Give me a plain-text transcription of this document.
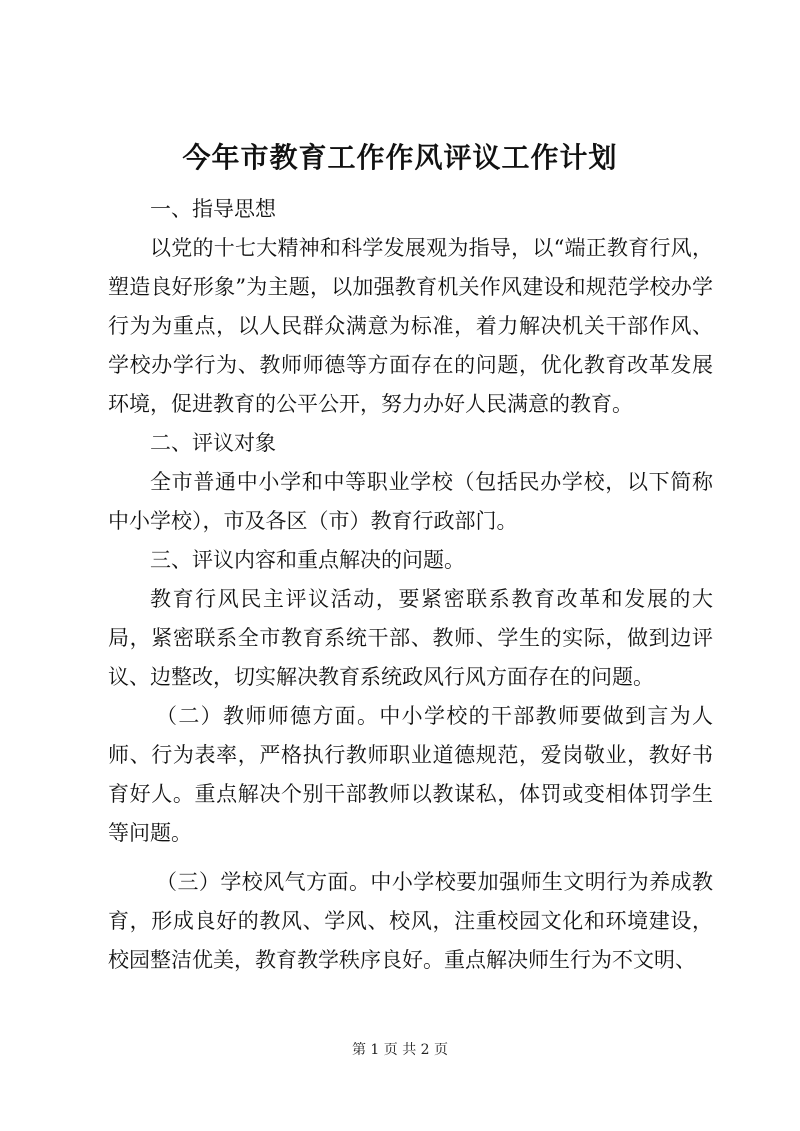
今年市教育工作作风评议工作计划

一、指导思想

以党的十七大精神和科学发展观为指导，以“端正教育行风，塑造良好形象”为主题，以加强教育机关作风建设和规范学校办学行为为重点，以人民群众满意为标准，着力解决机关干部作风、学校办学行为、教师师德等方面存在的问题，优化教育改革发展环境，促进教育的公平公开，努力办好人民满意的教育。

二、评议对象

全市普通中小学和中等职业学校（包括民办学校，以下简称中小学校），市及各区（市）教育行政部门。

三、评议内容和重点解决的问题。

教育行风民主评议活动，要紧密联系教育改革和发展的大局，紧密联系全市教育系统干部、教师、学生的实际，做到边评议、边整改，切实解决教育系统政风行风方面存在的问题。

（二）教师师德方面。中小学校的干部教师要做到言为人师、行为表率，严格执行教师职业道德规范，爱岗敬业，教好书育好人。重点解决个别干部教师以教谋私，体罚或变相体罚学生等问题。

（三）学校风气方面。中小学校要加强师生文明行为养成教育，形成良好的教风、学风、校风，注重校园文化和环境建设，校园整洁优美，教育教学秩序良好。重点解决师生行为不文明、

第 1 页 共 2 页
